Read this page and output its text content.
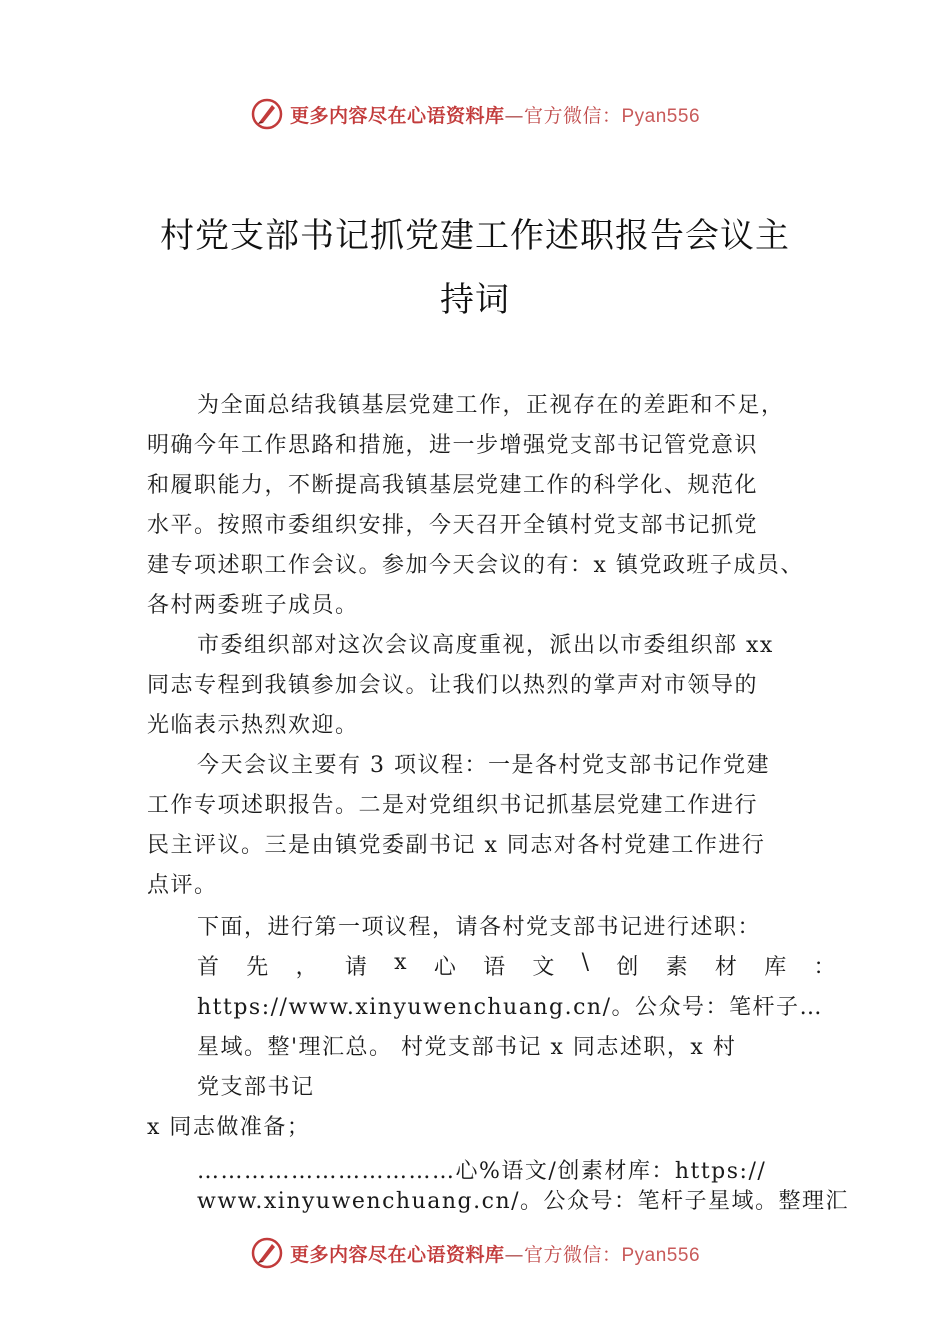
更多内容尽在心语资料库—官方微信：Pyan556
村党支部书记抓党建工作述职报告会议主
持词
为全面总结我镇基层党建工作，正视存在的差距和不足，
明确今年工作思路和措施，进一步增强党支部书记管党意识
和履职能力，不断提高我镇基层党建工作的科学化、规范化
水平。按照市委组织安排，今天召开全镇村党支部书记抓党
建专项述职工作会议。参加今天会议的有：x 镇党政班子成员、
各村两委班子成员。
市委组织部对这次会议高度重视，派出以市委组织部 xx
同志专程到我镇参加会议。让我们以热烈的掌声对市领导的
光临表示热烈欢迎。
今天会议主要有 3 项议程：一是各村党支部书记作党建
工作专项述职报告。二是对党组织书记抓基层党建工作进行
民主评议。三是由镇党委副书记 x 同志对各村党建工作进行
点评。
下面，进行第一项议程，请各村党支部书记进行述职：
首 先 ， 请 x 心 语 文 \ 创 素 材 库 ：
https://www.xinyuwenchuang.cn/。公众号：笔杆子…
星域。整'理汇总。 村党支部书记 x 同志述职，x 村
党支部书记
x 同志做准备；
……………………………心%语文/创素材库：https://
www.xinyuwenchuang.cn/。公众号：笔杆子星域。整理汇
更多内容尽在心语资料库—官方微信：Pyan556
